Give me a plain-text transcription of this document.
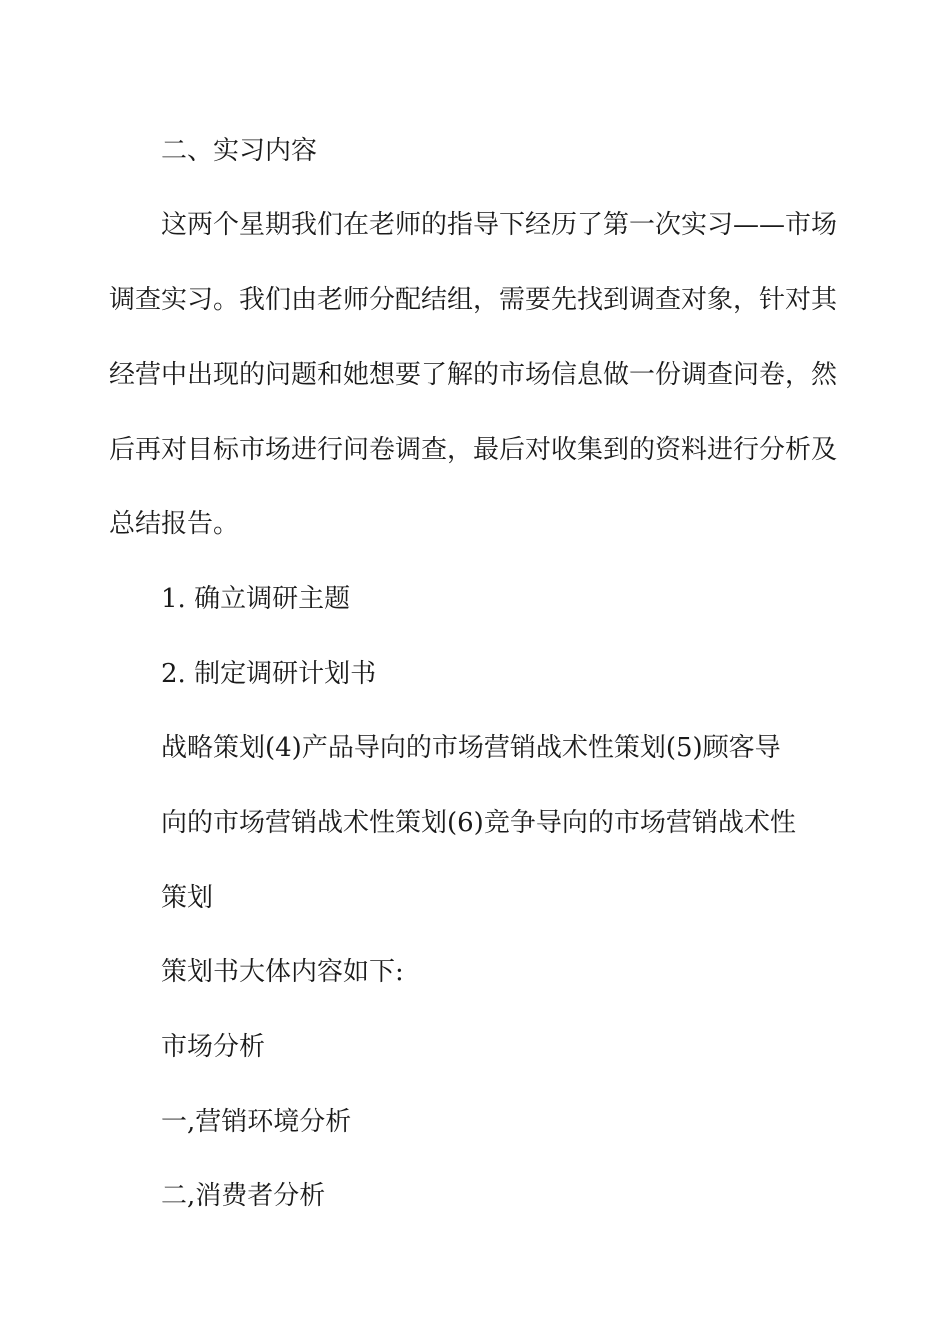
二、实习内容

这两个星期我们在老师的指导下经历了第一次实习——市场

调查实习。我们由老师分配结组，需要先找到调查对象，针对其

经营中出现的问题和她想要了解的市场信息做一份调查问卷，然

后再对目标市场进行问卷调查，最后对收集到的资料进行分析及

总结报告。

1. 确立调研主题

2. 制定调研计划书

战略策划(4)产品导向的市场营销战术性策划(5)顾客导

向的市场营销战术性策划(6)竞争导向的市场营销战术性

策划

策划书大体内容如下:

市场分析

一,营销环境分析

二,消费者分析
